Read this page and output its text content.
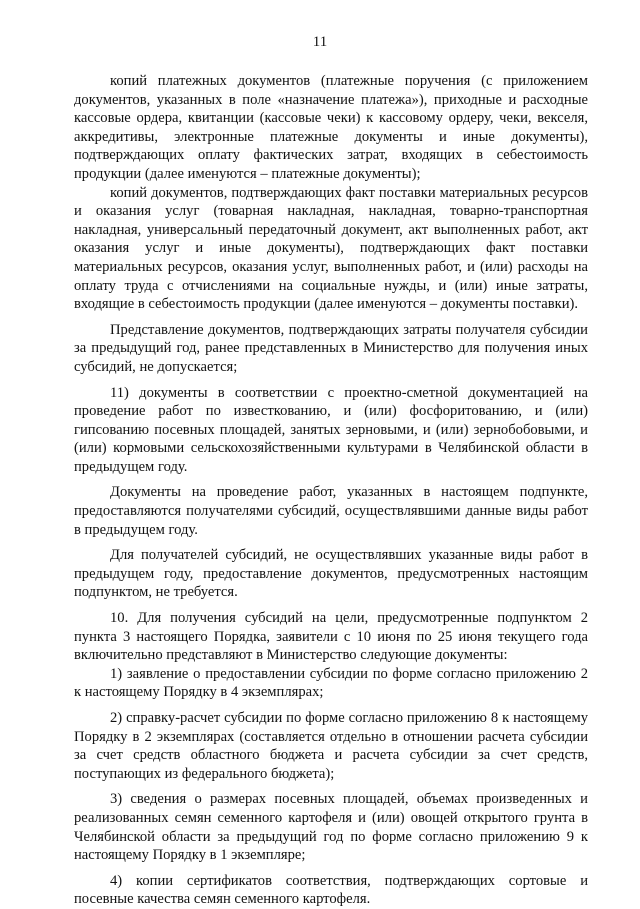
11

копий платежных документов (платежные поручения (с приложением документов, указанных в поле «назначение платежа»), приходные и расходные кассовые ордера, квитанции (кассовые чеки) к кассовому ордеру, чеки, векселя, аккредитивы, электронные платежные документы и иные документы), подтверждающих оплату фактических затрат, входящих в себестоимость продукции (далее именуются – платежные документы);

копий документов, подтверждающих факт поставки материальных ресурсов и оказания услуг (товарная накладная, накладная, товарно-транспортная накладная, универсальный передаточный документ, акт выполненных работ, акт оказания услуг и иные документы), подтверждающих факт поставки материальных ресурсов, оказания услуг, выполненных работ, и (или) расходы на оплату труда с отчислениями на социальные нужды, и (или) иные затраты, входящие в себестоимость продукции (далее именуются – документы поставки).

Представление документов, подтверждающих затраты получателя субсидии за предыдущий год, ранее представленных в Министерство для получения иных субсидий, не допускается;

11) документы в соответствии с проектно-сметной документацией на проведение работ по известкованию, и (или) фосфоритованию, и (или) гипсованию посевных площадей, занятых зерновыми, и (или) зернобобовыми, и (или) кормовыми сельскохозяйственными культурами в Челябинской области в предыдущем году.

Документы на проведение работ, указанных в настоящем подпункте, предоставляются получателями субсидий, осуществлявшими данные виды работ в предыдущем году.

Для получателей субсидий, не осуществлявших указанные виды работ в предыдущем году, предоставление документов, предусмотренных настоящим подпунктом, не требуется.

10. Для получения субсидий на цели, предусмотренные подпунктом 2 пункта 3 настоящего Порядка, заявители с 10 июня по 25 июня текущего года включительно представляют в Министерство следующие документы:

1) заявление о предоставлении субсидии по форме согласно приложению 2 к настоящему Порядку в 4 экземплярах;

2) справку-расчет субсидии по форме согласно приложению 8 к настоящему Порядку в 2 экземплярах (составляется отдельно в отношении расчета субсидии за счет средств областного бюджета и расчета субсидии за счет средств, поступающих из федерального бюджета);

3) сведения о размерах посевных площадей, объемах произведенных и реализованных семян семенного картофеля и (или) овощей открытого грунта в Челябинской области за предыдущий год по форме согласно приложению 9 к настоящему Порядку в 1 экземпляре;

4) копии сертификатов соответствия, подтверждающих сортовые и посевные качества семян семенного картофеля.
